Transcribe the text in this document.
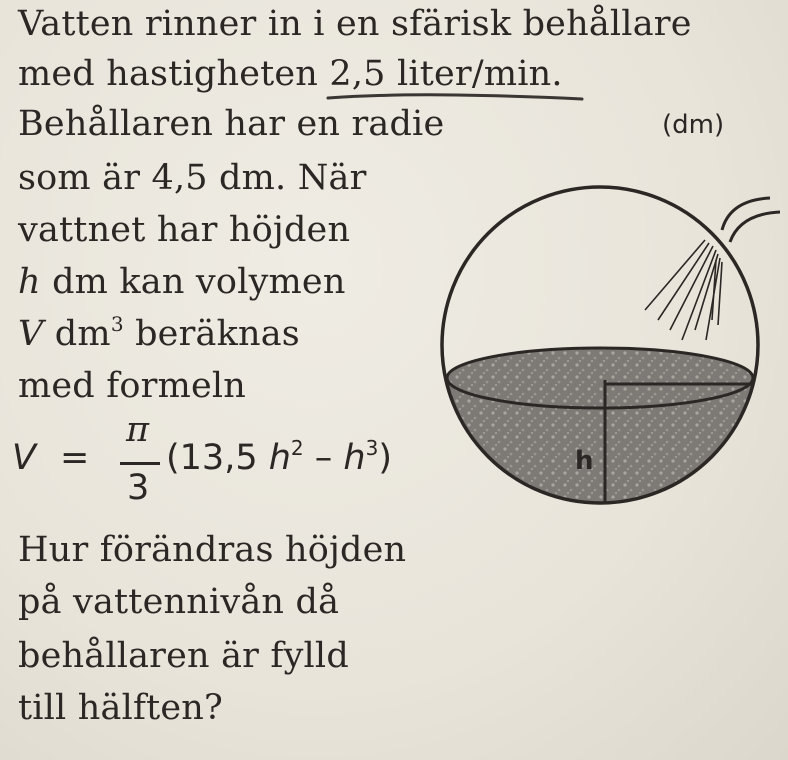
Vatten rinner in i en sfärisk behållare
med hastigheten 2,5 liter/min.
Behållaren har en radie	(dm)
som är 4,5 dm. När
vattnet har höjden
h dm kan volymen
V $dm^3$ beräknas
med formeln
V =
π
3
(13,5 $h^2 - h^3$)
Hur förändras höjden
på vattennivån då
behållaren är fylld
till hälften?
h
